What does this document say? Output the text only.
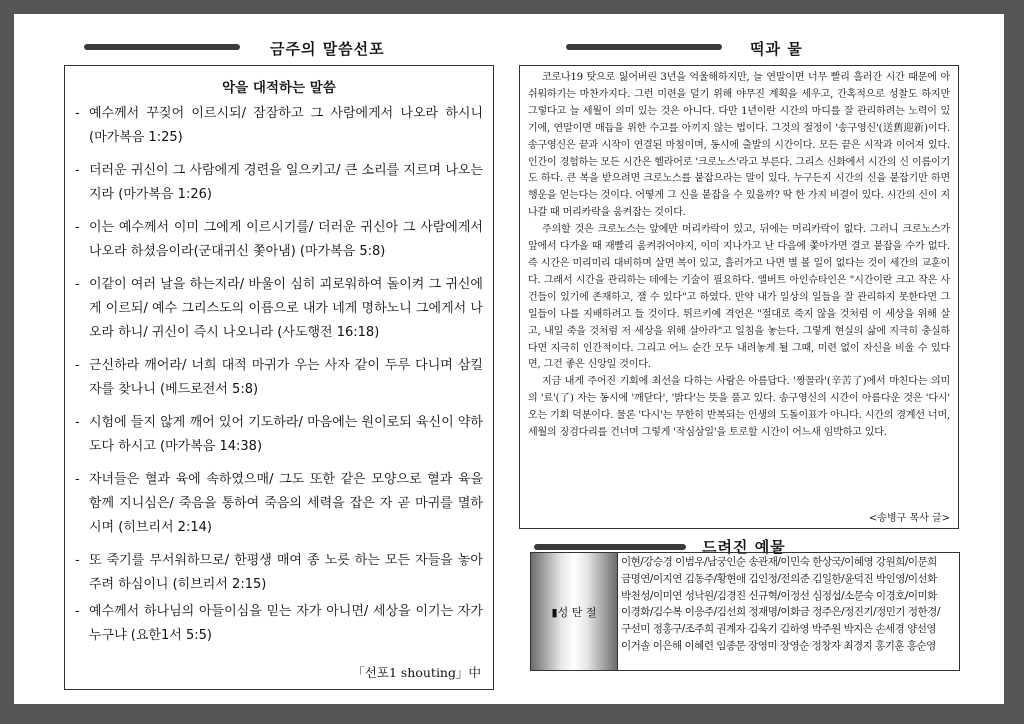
금주의 말씀선포	떡과 물
악을 대적하는 말씀
- 예수께서 꾸짖어 이르시되/ 잠잠하고 그 사람에게서 나오라 하시니 (마가복음 1:25)
- 더러운 귀신이 그 사람에게 경련을 일으키고/ 큰 소리를 지르며 나오는지라 (마가복음 1:26)
- 이는 예수께서 이미 그에게 이르시기를/ 더러운 귀신아 그 사람에게서 나오라 하셨음이라(군대귀신 쫓아냄) (마가복음 5:8)
- 이같이 여러 날을 하는지라/ 바울이 심히 괴로워하여 돌이켜 그 귀신에게 이르되/ 예수 그리스도의 이름으로 내가 네게 명하노니 그에게서 나오라 하니/ 귀신이 즉시 나오니라 (사도행전 16:18)
- 근신하라 깨어라/ 너희 대적 마귀가 우는 사자 같이 두루 다니며 삼킬 자를 찾나니 (베드로전서 5:8)
- 시험에 들지 않게 깨어 있어 기도하라/ 마음에는 원이로되 육신이 약하도다 하시고 (마가복음 14:38)
- 자녀들은 혈과 육에 속하였으매/ 그도 또한 같은 모양으로 혈과 육을 함께 지니심은/ 죽음을 통하여 죽음의 세력을 잡은 자 곧 마귀를 멸하시며 (히브리서 2:14)
- 또 죽기를 무서워하므로/ 한평생 매여 종 노릇 하는 모든 자들을 놓아 주려 하심이니 (히브리서 2:15)
- 예수께서 하나님의 아들이심을 믿는 자가 아니면/ 세상을 이기는 자가 누구냐 (요한1서 5:5)
「선포1 shouting」中

코로나19 탓으로 잃어버린 3년을 억울해하지만, 늘 연말이면 너무 빨리 흘러간 시간 때문에 아쉬워하기는 마찬가지다. 그런 미련을 덜기 위해 야무진 계획을 세우고, 간혹적으로 성찰도 하지만 그렇다고 늘 세월이 의미 있는 것은 아니다. 다만 1년이란 시간의 마디를 잘 관리하려는 노력이 있기에, 연말이면 매듭을 위한 수고를 아끼지 않는 법이다. 그것의 절정이 '송구영신'(送舊迎新)이다. 송구영신은 끝과 시작이 연결된 마침이며, 동시에 출발의 시간이다. 모든 끝은 시작과 이어져 있다. 인간이 경험하는 모든 시간은 헬라어로 '크로노스'라고 부른다. 그리스 신화에서 시간의 신 이름이기도 하다. 큰 복을 받으려면 크로노스를 붙잡으라는 말이 있다. 누구든지 시간의 신을 붙잡기만 하면 행운을 얻는다는 것이다. 어떻게 그 신을 붙잡을 수 있을까? 딱 한 가지 비결이 있다. 시간의 신이 지나갈 때 머리카락을 움켜잡는 것이다.

주의할 것은 크로노스는 앞에만 머리카락이 있고, 뒤에는 머리카락이 없다. 그러니 크로노스가 앞에서 다가올 때 재빨리 움켜쥐어야지, 이미 지나가고 난 다음에 쫓아가면 결코 붙잡을 수가 없다. 즉 시간은 미리미리 대비하며 살면 복이 있고, 흘러가고 나면 별 볼 일이 없다는 것이 세간의 교훈이다. 그래서 시간을 관리하는 데에는 기술이 필요하다. 앨버트 아인슈타인은 "시간이란 크고 작은 사건들이 있기에 존재하고, 잴 수 있다"고 하였다. 만약 내가 일상의 일들을 잘 관리하지 못한다면 그 일들이 나를 지배하려고 들 것이다. 튀르키예 격언은 "절대로 죽지 않을 것처럼 이 세상을 위해 살고, 내일 죽을 것처럼 저 세상을 위해 살아라"고 일침을 놓는다. 그렇게 현실의 삶에 지극히 충실하다면 지극히 인간적이다. 그리고 어느 순간 모두 내려놓게 될 그때, 미련 없이 자신을 비울 수 있다면, 그건 좋은 신앙일 것이다.

지금 내게 주어진 기회에 최선을 다하는 사람은 아름답다. '찡꼴라'(辛苦了)에서 마친다는 의미의 '료'(了) 자는 동시에 '깨닫다', '밝다'는 뜻을 품고 있다. 송구영신의 시간이 아름다운 것은 '다시' 오는 기회 덕분이다. 물론 '다시'는 무한히 반복되는 인생의 도돌이표가 아니다. 시간의 경계선 너머, 세월의 징검다리를 건너며 그렇게 '작심삼일'을 토로할 시간이 어느새 임박하고 있다.

<송병구 목사 글>
드려진 예물
▮성 탄 절
이현/강승경 이범우/남궁인순 송관재/이민숙 한상국/이혜영 강원희/이문희 금명연/이지연 김동주/황현애 김인정/전의준 김일한/윤덕진 박인영/이선화 박천성/이미연 성낙원/김경진 신규혁/이정선 심정섭/소문숙 이경호/이미화 이경화/김수복 이응주/김선희 정재명/이화금 정주은/정진기/정민기 정한경/구선미 정홍구/조주희 권계자 김욱기 김하영 박주원 박지은 손세경 양선영 이거솔 이은해 이혜련 임종문 장영미 장영순 정창자 최경지 홍기훈 홍순영
